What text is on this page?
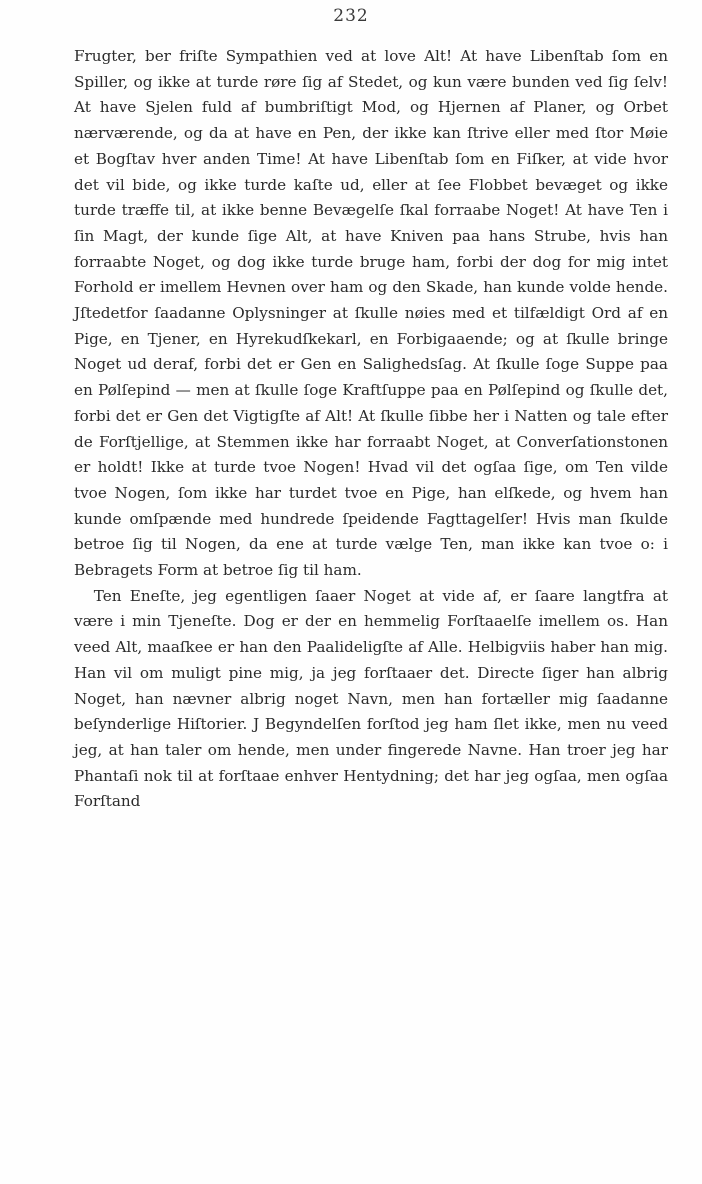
232

Frugter, ber friſte Sympathien ved at love Alt! At have Libenſtab ſom en Spiller, og ikke at turde røre ſig af Stedet, og kun være bunden ved ſig ſelv! At have Sjelen fuld af bumbriſtigt Mod, og Hjernen af Planer, og Orbet nærværende, og da at have en Pen, der ikke kan ſtrive eller med ſtor Møie et Bogſtav hver anden Time! At have Libenſtab ſom en Fiſker, at vide hvor det vil bide, og ikke turde kaſte ud, eller at ſee Flobbet bevæget og ikke turde træffe til, at ikke benne Bevægelſe ſkal forraabe Noget! At have Ten i ſin Magt, der kunde ſige Alt, at have Kniven paa hans Strube, hvis han forraabte Noget, og dog ikke turde bruge ham, forbi der dog for mig intet Forhold er imellem Hevnen over ham og den Skade, han kunde volde hende. Jſtedetfor ſaadanne Oplysninger at ſkulle nøies med et tilfældigt Ord af en Pige, en Tjener, en Hyrekudſkekarl, en Forbigaaende; og at ſkulle bringe Noget ud deraf, forbi det er Gen en Salighedsſag. At ſkulle ſoge Suppe paa en Pølſepind — men at ſkulle ſoge Kraftſuppe paa en Pølſepind og ſkulle det, forbi det er Gen det Vigtigſte af Alt! At ſkulle ſibbe her i Natten og tale efter de Forſtjellige, at Stemmen ikke har forraabt Noget, at Converſationstonen er holdt! Ikke at turde tvoe Nogen! Hvad vil det ogſaa ſige, om Ten vilde tvoe Nogen, ſom ikke har turdet tvoe en Pige, han elſkede, og hvem han kunde omſpænde med hundrede ſpeidende Fagttagelſer! Hvis man ſkulde betroe ſig til Nogen, da ene at turde vælge Ten, man ikke kan tvoe o: i Bebragets Form at betroe ſig til ham.

Ten Eneſte, jeg egentligen ſaaer Noget at vide af, er ſaare langtfra at være i min Tjeneſte. Dog er der en hemmelig Forſtaaelſe imellem os. Han veed Alt, maaſkee er han den Paalideligſte af Alle. Helbigviis haber han mig. Han vil om muligt pine mig, ja jeg forſtaaer det. Directe ſiger han albrig Noget, han nævner albrig noget Navn, men han fortæller mig ſaadanne beſynderlige Hiſtorier. J Begyndelſen forſtod jeg ham ſlet ikke, men nu veed jeg, at han taler om hende, men under fingerede Navne. Han troer jeg har Phantaſi nok til at forſtaae enhver Hentydning; det har jeg ogſaa, men ogſaa Forſtand
